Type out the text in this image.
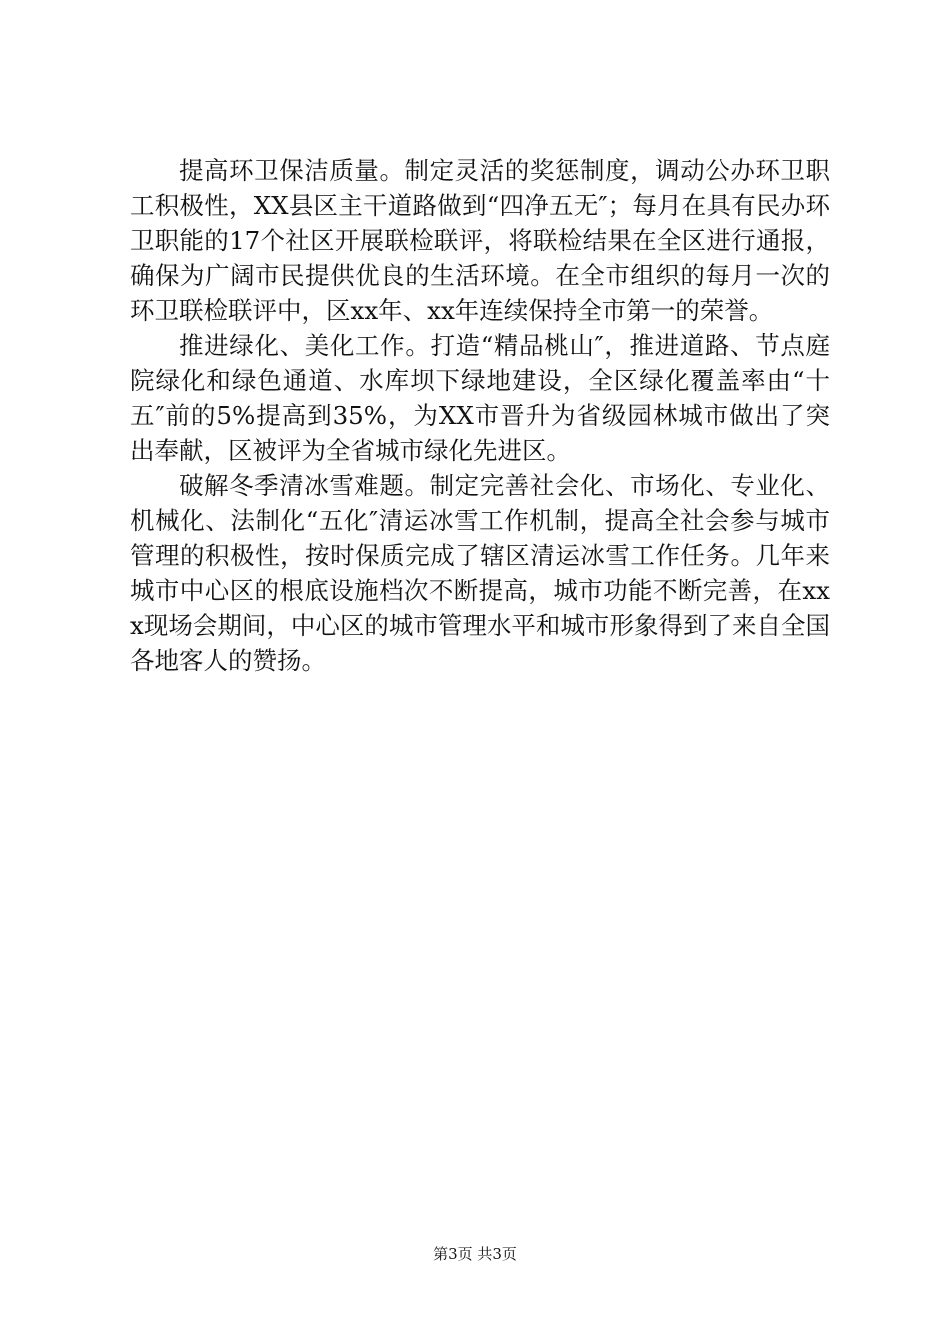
提高环卫保洁质量。制定灵活的奖惩制度，调动公办环卫职工积极性，XX县区主干道路做到“四净五无″；每月在具有民办环卫职能的17个社区开展联检联评，将联检结果在全区进行通报，确保为广阔市民提供优良的生活环境。在全市组织的每月一次的环卫联检联评中，区xx年、xx年连续保持全市第一的荣誉。

推进绿化、美化工作。打造“精品桃山″，推进道路、节点庭院绿化和绿色通道、水库坝下绿地建设，全区绿化覆盖率由“十五″前的5%提高到35%，为XX市晋升为省级园林城市做出了突出奉献，区被评为全省城市绿化先进区。

破解冬季清冰雪难题。制定完善社会化、市场化、专业化、机械化、法制化“五化″清运冰雪工作机制，提高全社会参与城市管理的积极性，按时保质完成了辖区清运冰雪工作任务。几年来城市中心区的根底设施档次不断提高，城市功能不断完善，在xxx现场会期间，中心区的城市管理水平和城市形象得到了来自全国各地客人的赞扬。

第3页 共3页
